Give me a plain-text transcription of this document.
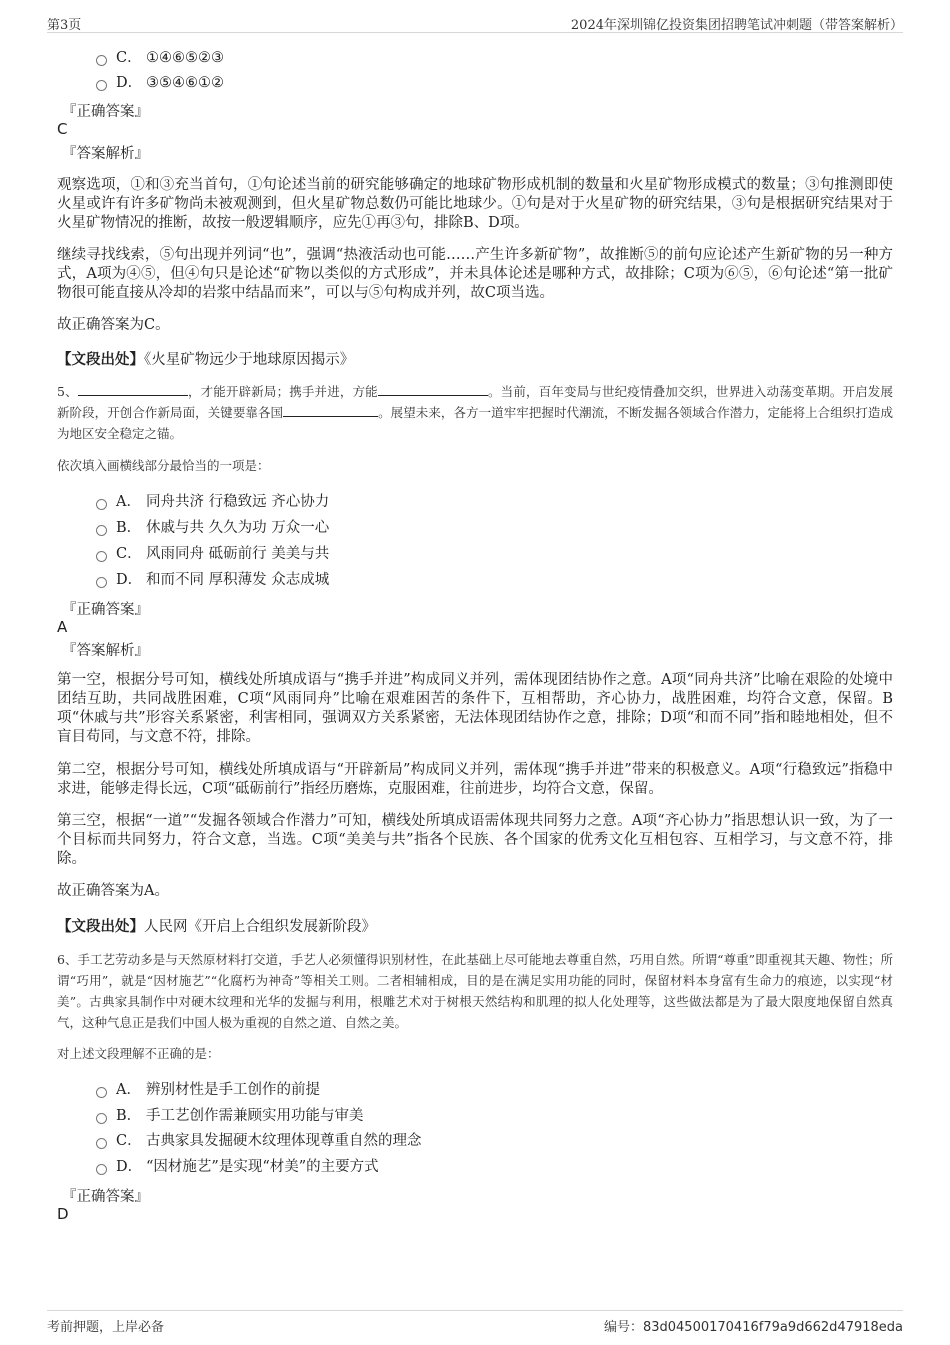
第3页	2024年深圳锦亿投资集团招聘笔试冲刺题（带答案解析）
C． ①④⑥⑤②③
D． ③⑤④⑥①②
『正确答案』
C
『答案解析』
观察选项，①和③充当首句，①句论述当前的研究能够确定的地球矿物形成机制的数量和火星矿物形成模式的数量；③句推测即使火星或许有许多矿物尚未被观测到，但火星矿物总数仍可能比地球少。①句是对于火星矿物的研究结果，③句是根据研究结果对于火星矿物情况的推断，故按一般逻辑顺序，应先①再③句，排除B、D项。
继续寻找线索，⑤句出现并列词“也”，强调“热液活动也可能……产生许多新矿物”，故推断⑤的前句应论述产生新矿物的另一种方式，A项为④⑤，但④句只是论述“矿物以类似的方式形成”，并未具体论述是哪种方式，故排除；C项为⑥⑤，⑥句论述“第一批矿物很可能直接从冷却的岩浆中结晶而来”，可以与⑤句构成并列，故C项当选。
故正确答案为C。
【文段出处】《火星矿物远少于地球原因揭示》
5、	，才能开辟新局；携手并进，方能	。当前，百年变局与世纪疫情叠加交织，世界进入动荡变革期。开启发展新阶段，开创合作新局面，关键要靠各国	。展望未来，各方一道牢牢把握时代潮流，不断发掘各领域合作潜力，定能将上合组织打造成为地区安全稳定之锚。
依次填入画横线部分最恰当的一项是：
A． 同舟共济 行稳致远 齐心协力
B． 休戚与共 久久为功 万众一心
C． 风雨同舟 砥砺前行 美美与共
D． 和而不同 厚积薄发 众志成城
『正确答案』
A
『答案解析』
第一空，根据分号可知，横线处所填成语与“携手并进”构成同义并列，需体现团结协作之意。A项“同舟共济”比喻在艰险的处境中团结互助，共同战胜困难，C项“风雨同舟”比喻在艰难困苦的条件下，互相帮助，齐心协力，战胜困难，均符合文意，保留。B项“休戚与共”形容关系紧密，利害相同，强调双方关系紧密，无法体现团结协作之意，排除；D项“和而不同”指和睦地相处，但不盲目苟同，与文意不符，排除。
第二空，根据分号可知，横线处所填成语与“开辟新局”构成同义并列，需体现“携手并进”带来的积极意义。A项“行稳致远”指稳中求进，能够走得长远，C项“砥砺前行”指经历磨炼，克服困难，往前进步，均符合文意，保留。
第三空，根据“一道”“发掘各领域合作潜力”可知，横线处所填成语需体现共同努力之意。A项“齐心协力”指思想认识一致，为了一个目标而共同努力，符合文意，当选。C项“美美与共”指各个民族、各个国家的优秀文化互相包容、互相学习，与文意不符，排除。
故正确答案为A。
【文段出处】人民网《开启上合组织发展新阶段》
6、手工艺劳动多是与天然原材料打交道，手艺人必须懂得识别材性，在此基础上尽可能地去尊重自然，巧用自然。所谓“尊重”即重视其天趣、物性；所谓“巧用”，就是“因材施艺”“化腐朽为神奇”等相关工则。二者相辅相成，目的是在满足实用功能的同时，保留材料本身富有生命力的痕迹，以实现“材美”。古典家具制作中对硬木纹理和光华的发掘与利用，根雕艺术对于树根天然结构和肌理的拟人化处理等，这些做法都是为了最大限度地保留自然真气，这种气息正是我们中国人极为重视的自然之道、自然之美。
对上述文段理解不正确的是：
A． 辨别材性是手工创作的前提
B． 手工艺创作需兼顾实用功能与审美
C． 古典家具发掘硬木纹理体现尊重自然的理念
D． “因材施艺”是实现“材美”的主要方式
『正确答案』
D
考前押题，上岸必备	编号：83d04500170416f79a9d662d47918eda
